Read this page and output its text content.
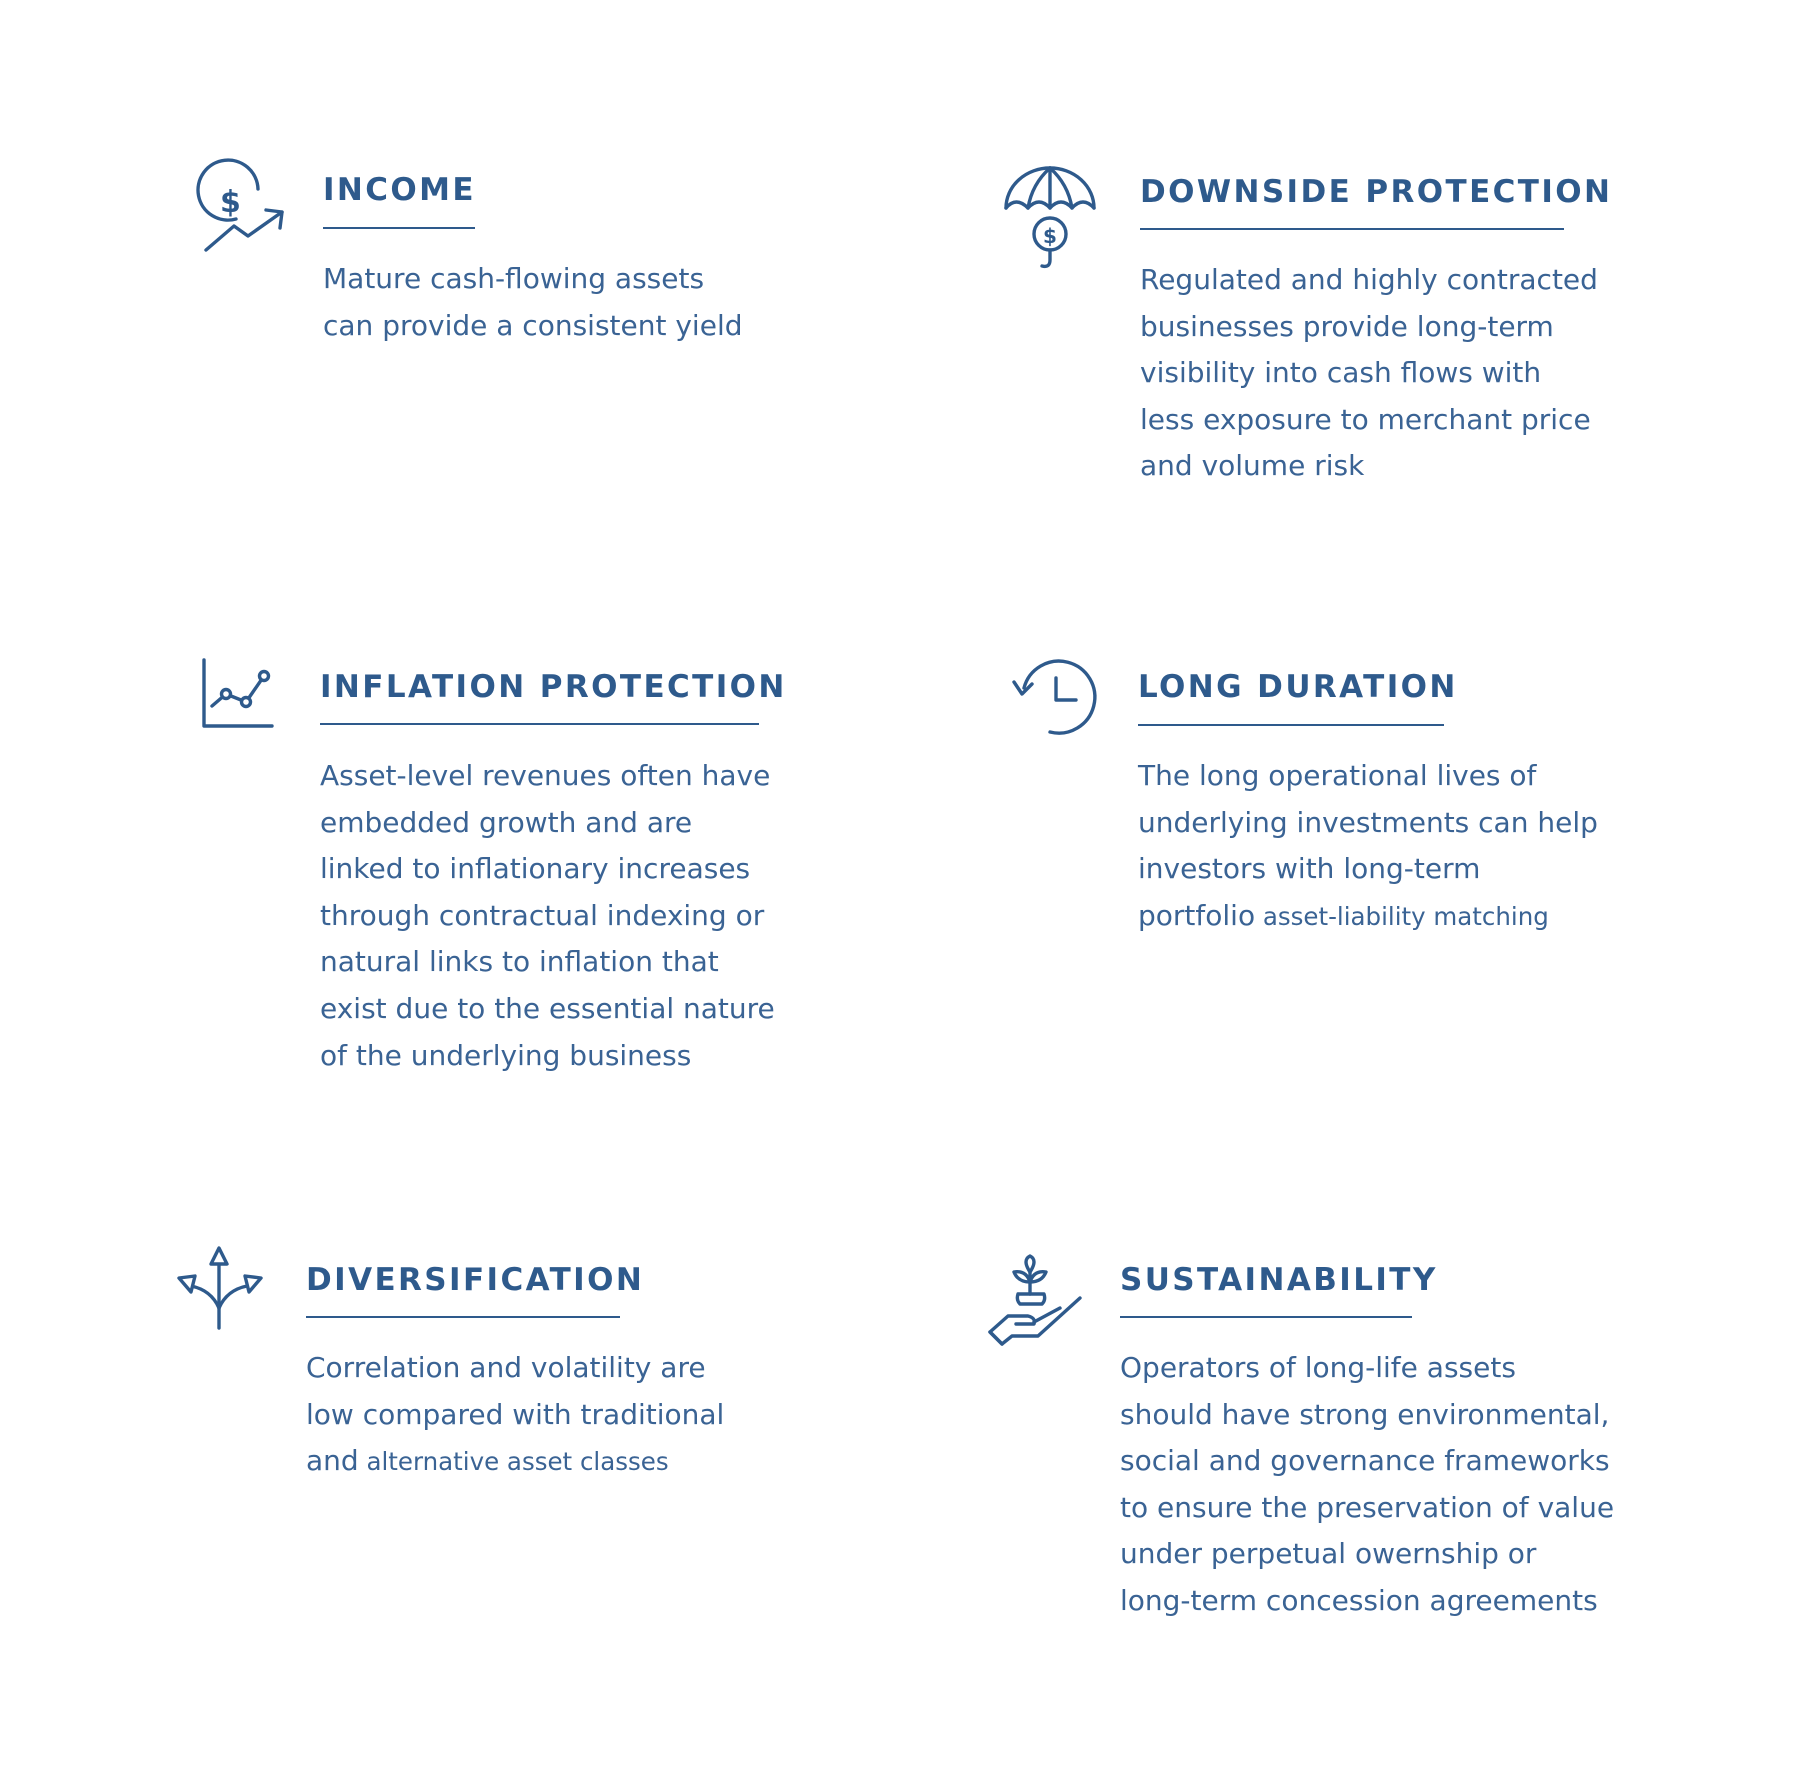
$	INCOME

Mature cash-flowing assets
can provide a consistent yield

$
DOWNSIDE PROTECTION

Regulated and highly contracted
businesses provide long-term
visibility into cash flows with
less exposure to merchant price
and volume risk

INFLATION PROTECTION

Asset-level revenues often have
embedded growth and are
linked to inflationary increases
through contractual indexing or
natural links to inflation that
exist due to the essential nature
of the underlying business

LONG DURATION

The long operational lives of
underlying investments can help
investors with long-term
portfolio asset-liability matching

DIVERSIFICATION

Correlation and volatility are
low compared with traditional
and alternative asset classes

SUSTAINABILITY

Operators of long-life assets
should have strong environmental,
social and governance frameworks
to ensure the preservation of value
under perpetual owernship or
long-term concession agreements
